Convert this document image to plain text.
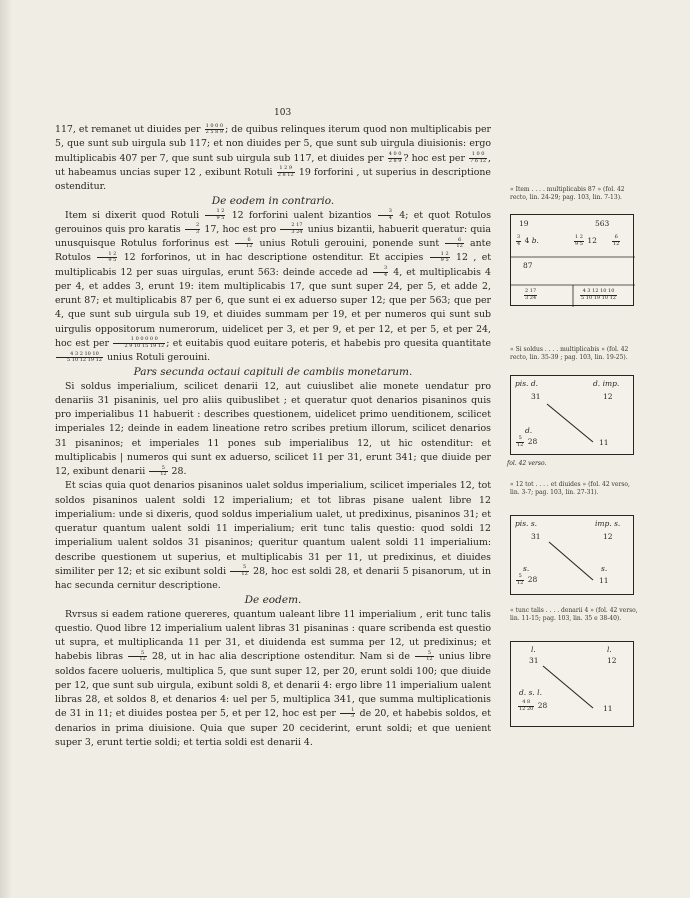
103

117, et remanet ut diuides per $\frac{1 0 0 0}{2 5 8 9}$ ; de quibus relinques iterum quod non multiplicabis per 5, que sunt sub uirgula sub 117; et non diuides per 5, que sunt sub uirgula diuisionis: ergo multiplicabis 407 per 7, que sunt sub uirgula sub 117, et diuides per $\frac{4 0 0}{2 8 9}$ ? hoc est per $\frac{1 0 0}{7 6 12}$ , ut habeamus uncias super 12 , exibunt Rotuli $\frac{1 2 9}{2 8 12} 19$ forforini , ut superius in descriptione ostenditur.

De eodem in contrario.

Item si dixerit quod Rotuli $\frac{1 2}{9 5} 12$ forforini ualent bizantios $\frac{3}{4} 4$; et quot Rotulos gerouinos quis pro karatis $\frac{2}{3} 17$, hoc est pro $\frac{2 17}{3 24}$ unius bizantii, habuerit queratur: quia unusquisque Rotulus forforinus est $\frac{6}{12}$ unius Rotuli gerouini, ponende sunt $\frac{6}{12}$ ante Rotulos $\frac{1 2}{9 5} 12$ forforinos, ut in hac descriptione ostenditur. Et accipies $\frac{1 2}{9 5} 12$ , et multiplicabis 12 per suas uirgulas, erunt 563: deinde accede ad $\frac{3}{4} 4$, et multiplicabis 4 per 4, et addes 3, erunt 19: item multiplicabis 17, que sunt super 24, per 5, et adde 2, erunt 87; et multiplicabis 87 per 6, que sunt ei ex aduerso super 12; que per 563; que per 4, que sunt sub uirgula sub 19, et diuides summam per 19, et per numeros qui sunt sub uirgulis oppositorum numerorum, uidelicet per 3, et per 9, et per 12, et per 5, et per 24, hoc est per $\frac{1 0 0 0 0 0}{2 9 10 15 19 12}$ ; et euitabis quod euitare poteris, et habebis pro quesita quantitate
$\frac{4 3 2 10 10}{5 10 12 19 12}$ unius Rotuli gerouini.

Pars secunda octaui capituli de cambiis monetarum.

Si soldus imperialium, scilicet denarii 12, aut cuiuslibet alie monete uendatur pro denariis 31 pisaninis, uel pro aliis quibuslibet ; et queratur quot denarios pisaninos quis pro imperialibus 11 habuerit : describes questionem, uidelicet primo uenditionem, scilicet imperiales 12; deinde in eadem lineatione retro scribes pretium illorum, scilicet denarios 31 pisaninos; et imperiales 11 pones sub imperialibus 12, ut hic ostenditur: et multiplicabis | numeros qui sunt ex aduerso, scilicet 11 per 31, erunt 341; que diuide per 12, exibunt denarii $\frac{5}{12} 28$.

Et scias quia quot denarios pisaninos ualet soldus imperialium, scilicet imperiales 12, tot soldos pisaninos ualent soldi 12 imperialium; et tot libras pisane ualent libre 12 imperialium: unde si dixeris, quod soldus imperialium ualet, ut predixinus, pisaninos 31; et queratur quantum ualent soldi 11 imperialium; erit tunc talis questio: quod soldi 12 imperialium ualent soldos 31 pisaninos; queritur quantum ualent soldi 11 imperialium: describe questionem ut superius, et multiplicabis 31 per 11, ut predixinus, et diuides similiter per 12; et sic exibunt soldi $\frac{5}{12} 28$, hoc est soldi 28, et denarii 5 pisanorum, ut in hac secunda cernitur descriptione.

De eodem.

Rvrsus si eadem ratione quereres, quantum ualeant libre 11 imperialium , erit tunc talis questio. Quod libre 12 imperialium ualent libras 31 pisaninas : quare scribenda est questio ut supra, et multiplicanda 11 per 31, et diuidenda est summa per 12, ut predixinus; et habebis libras $\frac{5}{12} 28$, ut in hac alia descriptione ostenditur. Nam si de $\frac{5}{12}$ unius libre soldos facere uolueris, multiplica 5, que sunt super 12, per 20, erunt soldi 100; que diuide per 12, que sunt sub uirgula, exibunt soldi 8, et denarii 4: ergo libre 11 imperialium ualent libras 28, et soldos 8, et denarios 4: uel per 5, multiplica 341, que summa multiplicationis de 31 in 11; et diuides postea per 5, et per 12, hoc est per $\frac{1}{3}$ de 20, et habebis soldos, et denarios in prima diuisione. Quia que super 20 ceciderint, erunt soldi; et que uenient super 3, erunt tertie soldi; et tertia soldi est denarii 4.

« Item . . . . multiplicabis 87 » (fol. 42 recto, lin. 24-29; pag. 103, lin. 7-13).
19	563
$\frac{3}{4} 4$ b.	$\frac{1 2}{9 5} 12$	$\frac{6}{12}$
87
$\frac{2 17}{3 24}$	$\frac{4 3 12 10 10}{5 10 19 10 12}$
« Si soldus . . . . multiplicabis » (fol. 42 recto, lin. 35-39 ; pag. 103, lin. 19-25).
pis. d.	d. imp.
31	12
d.
$\frac{5}{12} 28$	11
fol. 42 verso.
« 12 tot . . . . et diuides » (fol. 42 verso, lin. 3-7; pag. 103, lin. 27-31).
pis. s.	imp. s.
31	12
s.	s.
$\frac{5}{12} 28$	11
« tunc talis . . . . denarii 4 » (fol. 42 verso, lin. 11-15; pag. 103, lin. 35 e 38-40).
l.	l.
31	12
d. s. l.
$\frac{4 8}{12 20} 28$	11
